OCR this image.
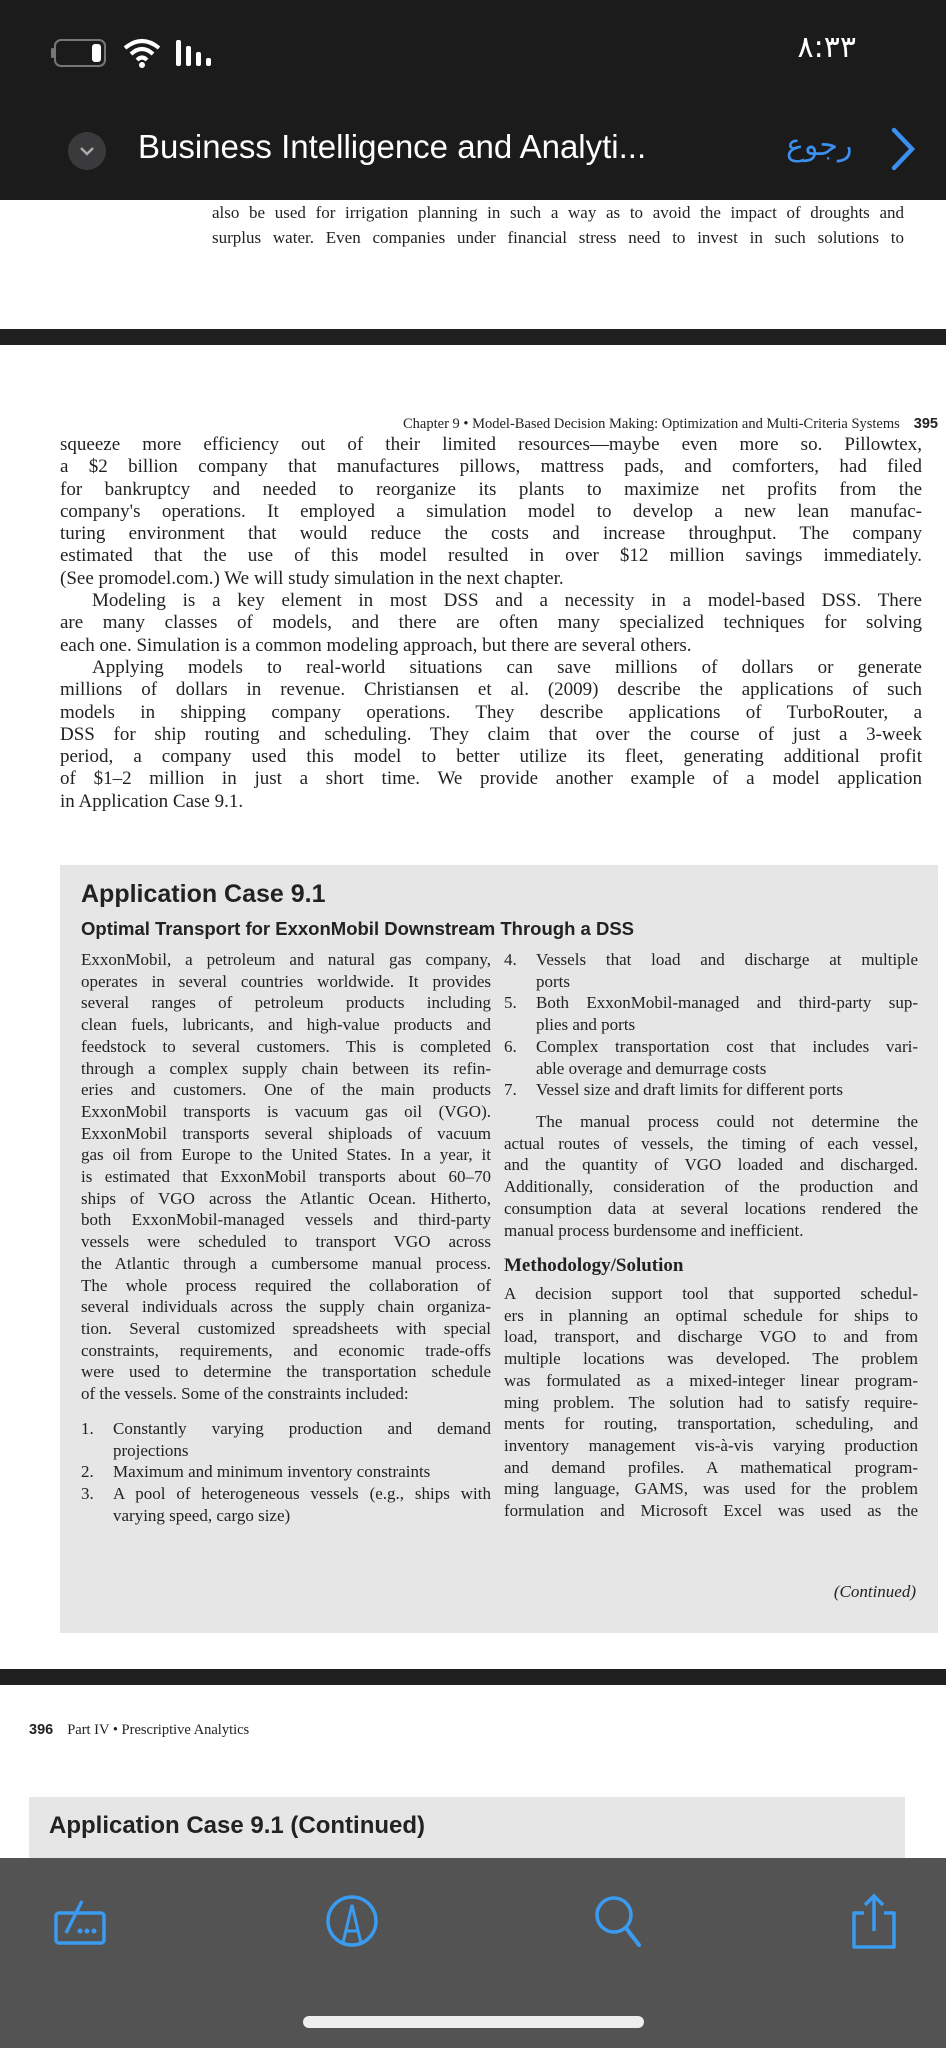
٨:٣٣
Business Intelligence and Analyti...	رجوع
also be used for irrigation planning in such a way as to avoid the impact of droughts and
surplus water. Even companies under financial stress need to invest in such solutions to
Chapter 9 • Model-Based Decision Making: Optimization and Multi-Criteria Systems 395
squeeze more efficiency out of their limited resources—maybe even more so. Pillowtex,
a $2 billion company that manufactures pillows, mattress pads, and comforters, had filed
for bankruptcy and needed to reorganize its plants to maximize net profits from the
company's operations. It employed a simulation model to develop a new lean manufac-
turing environment that would reduce the costs and increase throughput. The company
estimated that the use of this model resulted in over $12 million savings immediately.
(See promodel.com.) We will study simulation in the next chapter.
Modeling is a key element in most DSS and a necessity in a model-based DSS. There
are many classes of models, and there are often many specialized techniques for solving
each one. Simulation is a common modeling approach, but there are several others.
Applying models to real-world situations can save millions of dollars or generate
millions of dollars in revenue. Christiansen et al. (2009) describe the applications of such
models in shipping company operations. They describe applications of TurboRouter, a
DSS for ship routing and scheduling. They claim that over the course of just a 3-week
period, a company used this model to better utilize its fleet, generating additional profit
of $1–2 million in just a short time. We provide another example of a model application
in Application Case 9.1.
Application Case 9.1
Optimal Transport for ExxonMobil Downstream Through a DSS
ExxonMobil, a petroleum and natural gas company,
operates in several countries worldwide. It provides
several ranges of petroleum products including
clean fuels, lubricants, and high-value products and
feedstock to several customers. This is completed
through a complex supply chain between its refin-
eries and customers. One of the main products
ExxonMobil transports is vacuum gas oil (VGO).
ExxonMobil transports several shiploads of vacuum
gas oil from Europe to the United States. In a year, it
is estimated that ExxonMobil transports about 60–70
ships of VGO across the Atlantic Ocean. Hitherto,
both ExxonMobil-managed vessels and third-party
vessels were scheduled to transport VGO across
the Atlantic through a cumbersome manual process.
The whole process required the collaboration of
several individuals across the supply chain organiza-
tion. Several customized spreadsheets with special
constraints, requirements, and economic trade-offs
were used to determine the transportation schedule
of the vessels. Some of the constraints included:
1. Constantly varying production and demand
projections
2. Maximum and minimum inventory constraints
3. A pool of heterogeneous vessels (e.g., ships with
varying speed, cargo size)
4. Vessels that load and discharge at multiple
ports
5. Both ExxonMobil-managed and third-party sup-
plies and ports
6. Complex transportation cost that includes vari-
able overage and demurrage costs
7. Vessel size and draft limits for different ports
The manual process could not determine the
actual routes of vessels, the timing of each vessel,
and the quantity of VGO loaded and discharged.
Additionally, consideration of the production and
consumption data at several locations rendered the
manual process burdensome and inefficient.
Methodology/Solution
A decision support tool that supported schedul-
ers in planning an optimal schedule for ships to
load, transport, and discharge VGO to and from
multiple locations was developed. The problem
was formulated as a mixed-integer linear program-
ming problem. The solution had to satisfy require-
ments for routing, transportation, scheduling, and
inventory management vis-à-vis varying production
and demand profiles. A mathematical program-
ming language, GAMS, was used for the problem
formulation and Microsoft Excel was used as the
(Continued)
396 Part IV • Prescriptive Analytics
Application Case 9.1 (Continued)
